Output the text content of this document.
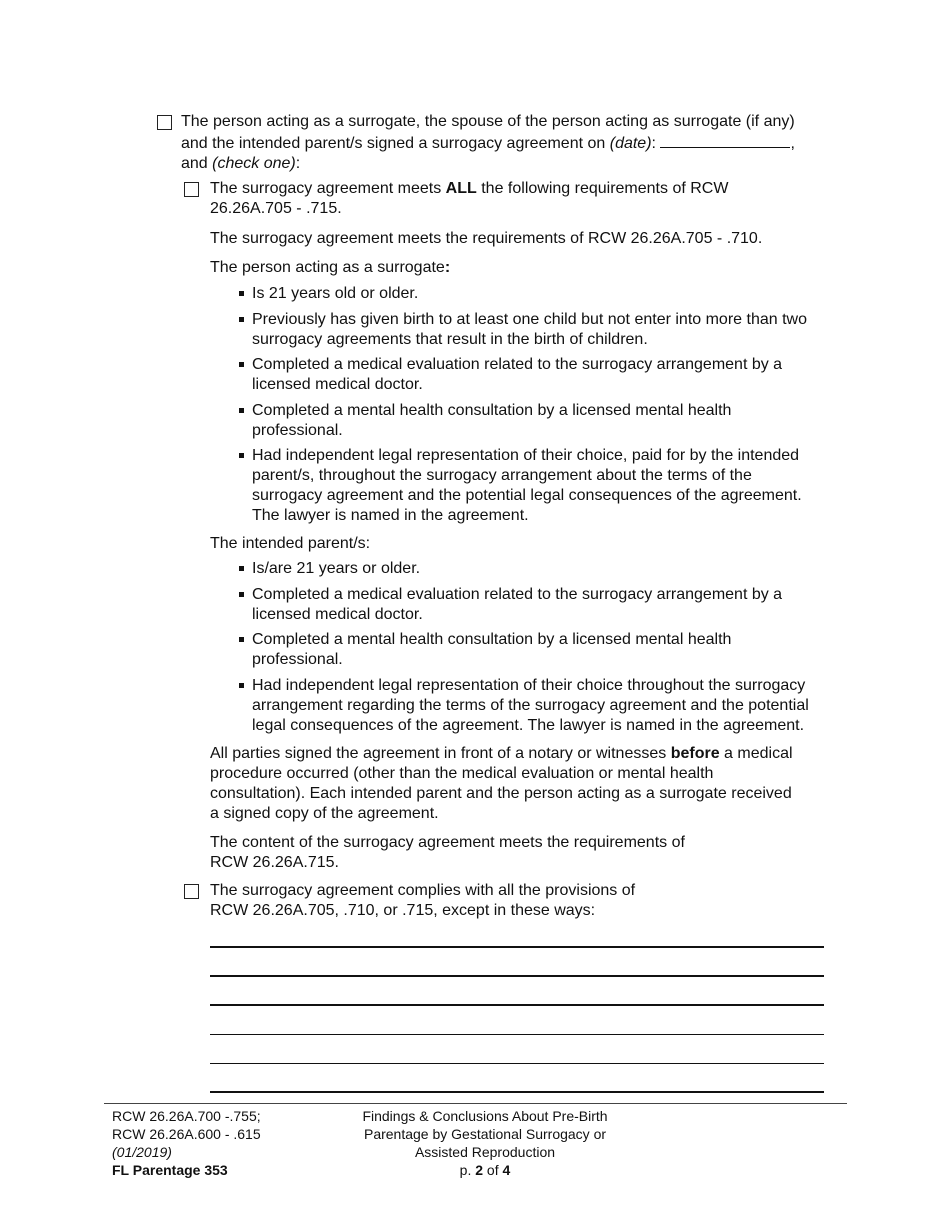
The person acting as a surrogate, the spouse of the person acting as surrogate (if any)
and the intended parent/s signed a surrogacy agreement on (date):	,
and (check one):
The surrogacy agreement meets ALL the following requirements of RCW
26.26A.705 - .715.
The surrogacy agreement meets the requirements of RCW 26.26A.705 - .710.
The person acting as a surrogate:
Is 21 years old or older.
Previously has given birth to at least one child but not enter into more than two
surrogacy agreements that result in the birth of children.
Completed a medical evaluation related to the surrogacy arrangement by a
licensed medical doctor.
Completed a mental health consultation by a licensed mental health
professional.
Had independent legal representation of their choice, paid for by the intended
parent/s, throughout the surrogacy arrangement about the terms of the
surrogacy agreement and the potential legal consequences of the agreement.
The lawyer is named in the agreement.
The intended parent/s:
Is/are 21 years or older.
Completed a medical evaluation related to the surrogacy arrangement by a
licensed medical doctor.
Completed a mental health consultation by a licensed mental health
professional.
Had independent legal representation of their choice throughout the surrogacy
arrangement regarding the terms of the surrogacy agreement and the potential
legal consequences of the agreement. The lawyer is named in the agreement.
All parties signed the agreement in front of a notary or witnesses before a medical
procedure occurred (other than the medical evaluation or mental health
consultation). Each intended parent and the person acting as a surrogate received
a signed copy of the agreement.
The content of the surrogacy agreement meets the requirements of
RCW 26.26A.715.
The surrogacy agreement complies with all the provisions of
RCW 26.26A.705, .710, or .715, except in these ways:
RCW 26.26A.700 -.755;
RCW 26.26A.600 - .615
(01/2019)
FL Parentage 353
Findings & Conclusions About Pre-Birth
Parentage by Gestational Surrogacy or
Assisted Reproduction
p. 2 of 4
